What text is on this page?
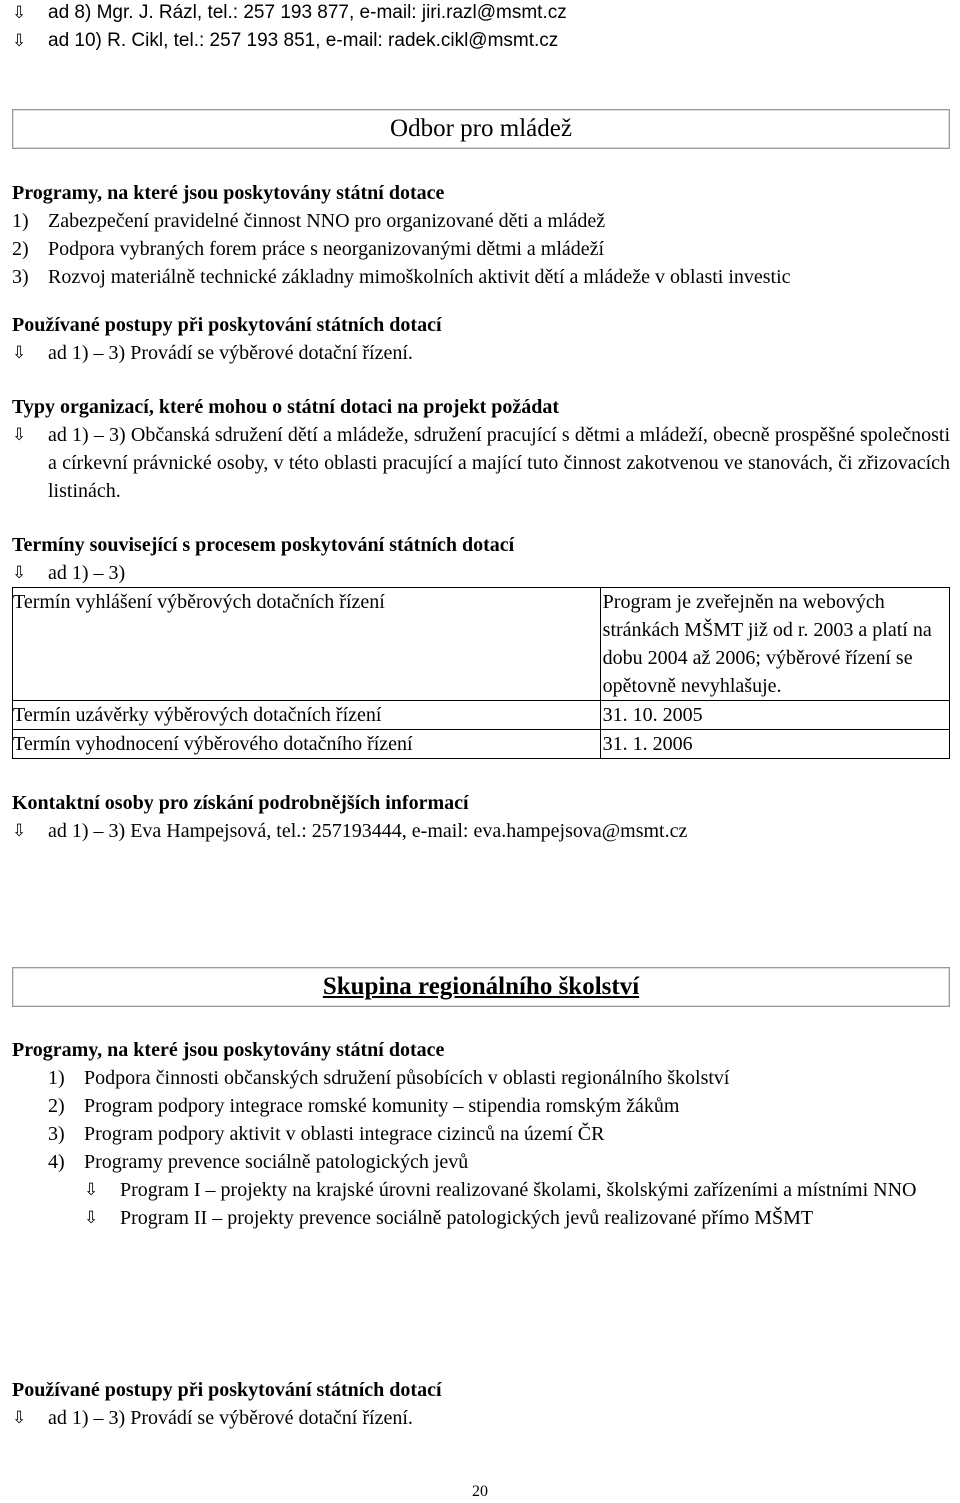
⇩	ad 8) Mgr. J. Rázl, tel.: 257 193 877, e-mail: jiri.razl@msmt.cz
⇩	ad 10) R. Cikl, tel.: 257 193 851, e-mail: radek.cikl@msmt.cz
Odbor pro mládež
Programy, na které jsou poskytovány státní dotace
1) Zabezpečení pravidelné činnost NNO pro organizované děti a mládež
2) Podpora vybraných forem práce s neorganizovanými dětmi a mládeží
3) Rozvoj materiálně technické základny mimoškolních aktivit dětí a mládeže v oblasti investic
Používané postupy při poskytování státních dotací
⇩	ad 1) – 3) Provádí se výběrové dotační řízení.
Typy organizací, které mohou o státní dotaci na projekt požádat
⇩	ad 1) – 3) Občanská sdružení dětí a mládeže, sdružení pracující s dětmi a mládeží, obecně prospěšné společnosti a církevní právnické osoby, v této oblasti pracující a mající tuto činnost zakotvenou ve stanovách, či zřizovacích listinách.
Termíny související s procesem poskytování státních dotací
⇩	ad 1) – 3)
Termín vyhlášení výběrových dotačních řízení	Program je zveřejněn na webových stránkách MŠMT již od r. 2003 a platí na dobu 2004 až 2006; výběrové řízení se opětovně nevyhlašuje.
Termín uzávěrky výběrových dotačních řízení	31. 10. 2005
Termín vyhodnocení výběrového dotačního řízení	31. 1. 2006
Kontaktní osoby pro získání podrobnějších informací
⇩	ad 1) – 3) Eva Hampejsová, tel.: 257193444, e-mail: eva.hampejsova@msmt.cz
Skupina regionálního školství
Programy, na které jsou poskytovány státní dotace
1) Podpora činnosti občanských sdružení působících v oblasti regionálního školství
2) Program podpory integrace romské komunity – stipendia romským žákům
3) Program podpory aktivit v oblasti integrace cizinců na území ČR
4) Programy prevence sociálně patologických jevů
⇩	Program I – projekty na krajské úrovni realizované školami, školskými zařízeními a místními NNO
⇩	Program II – projekty prevence sociálně patologických jevů realizované přímo MŠMT
Používané postupy při poskytování státních dotací
⇩	ad 1) – 3) Provádí se výběrové dotační řízení.
20
